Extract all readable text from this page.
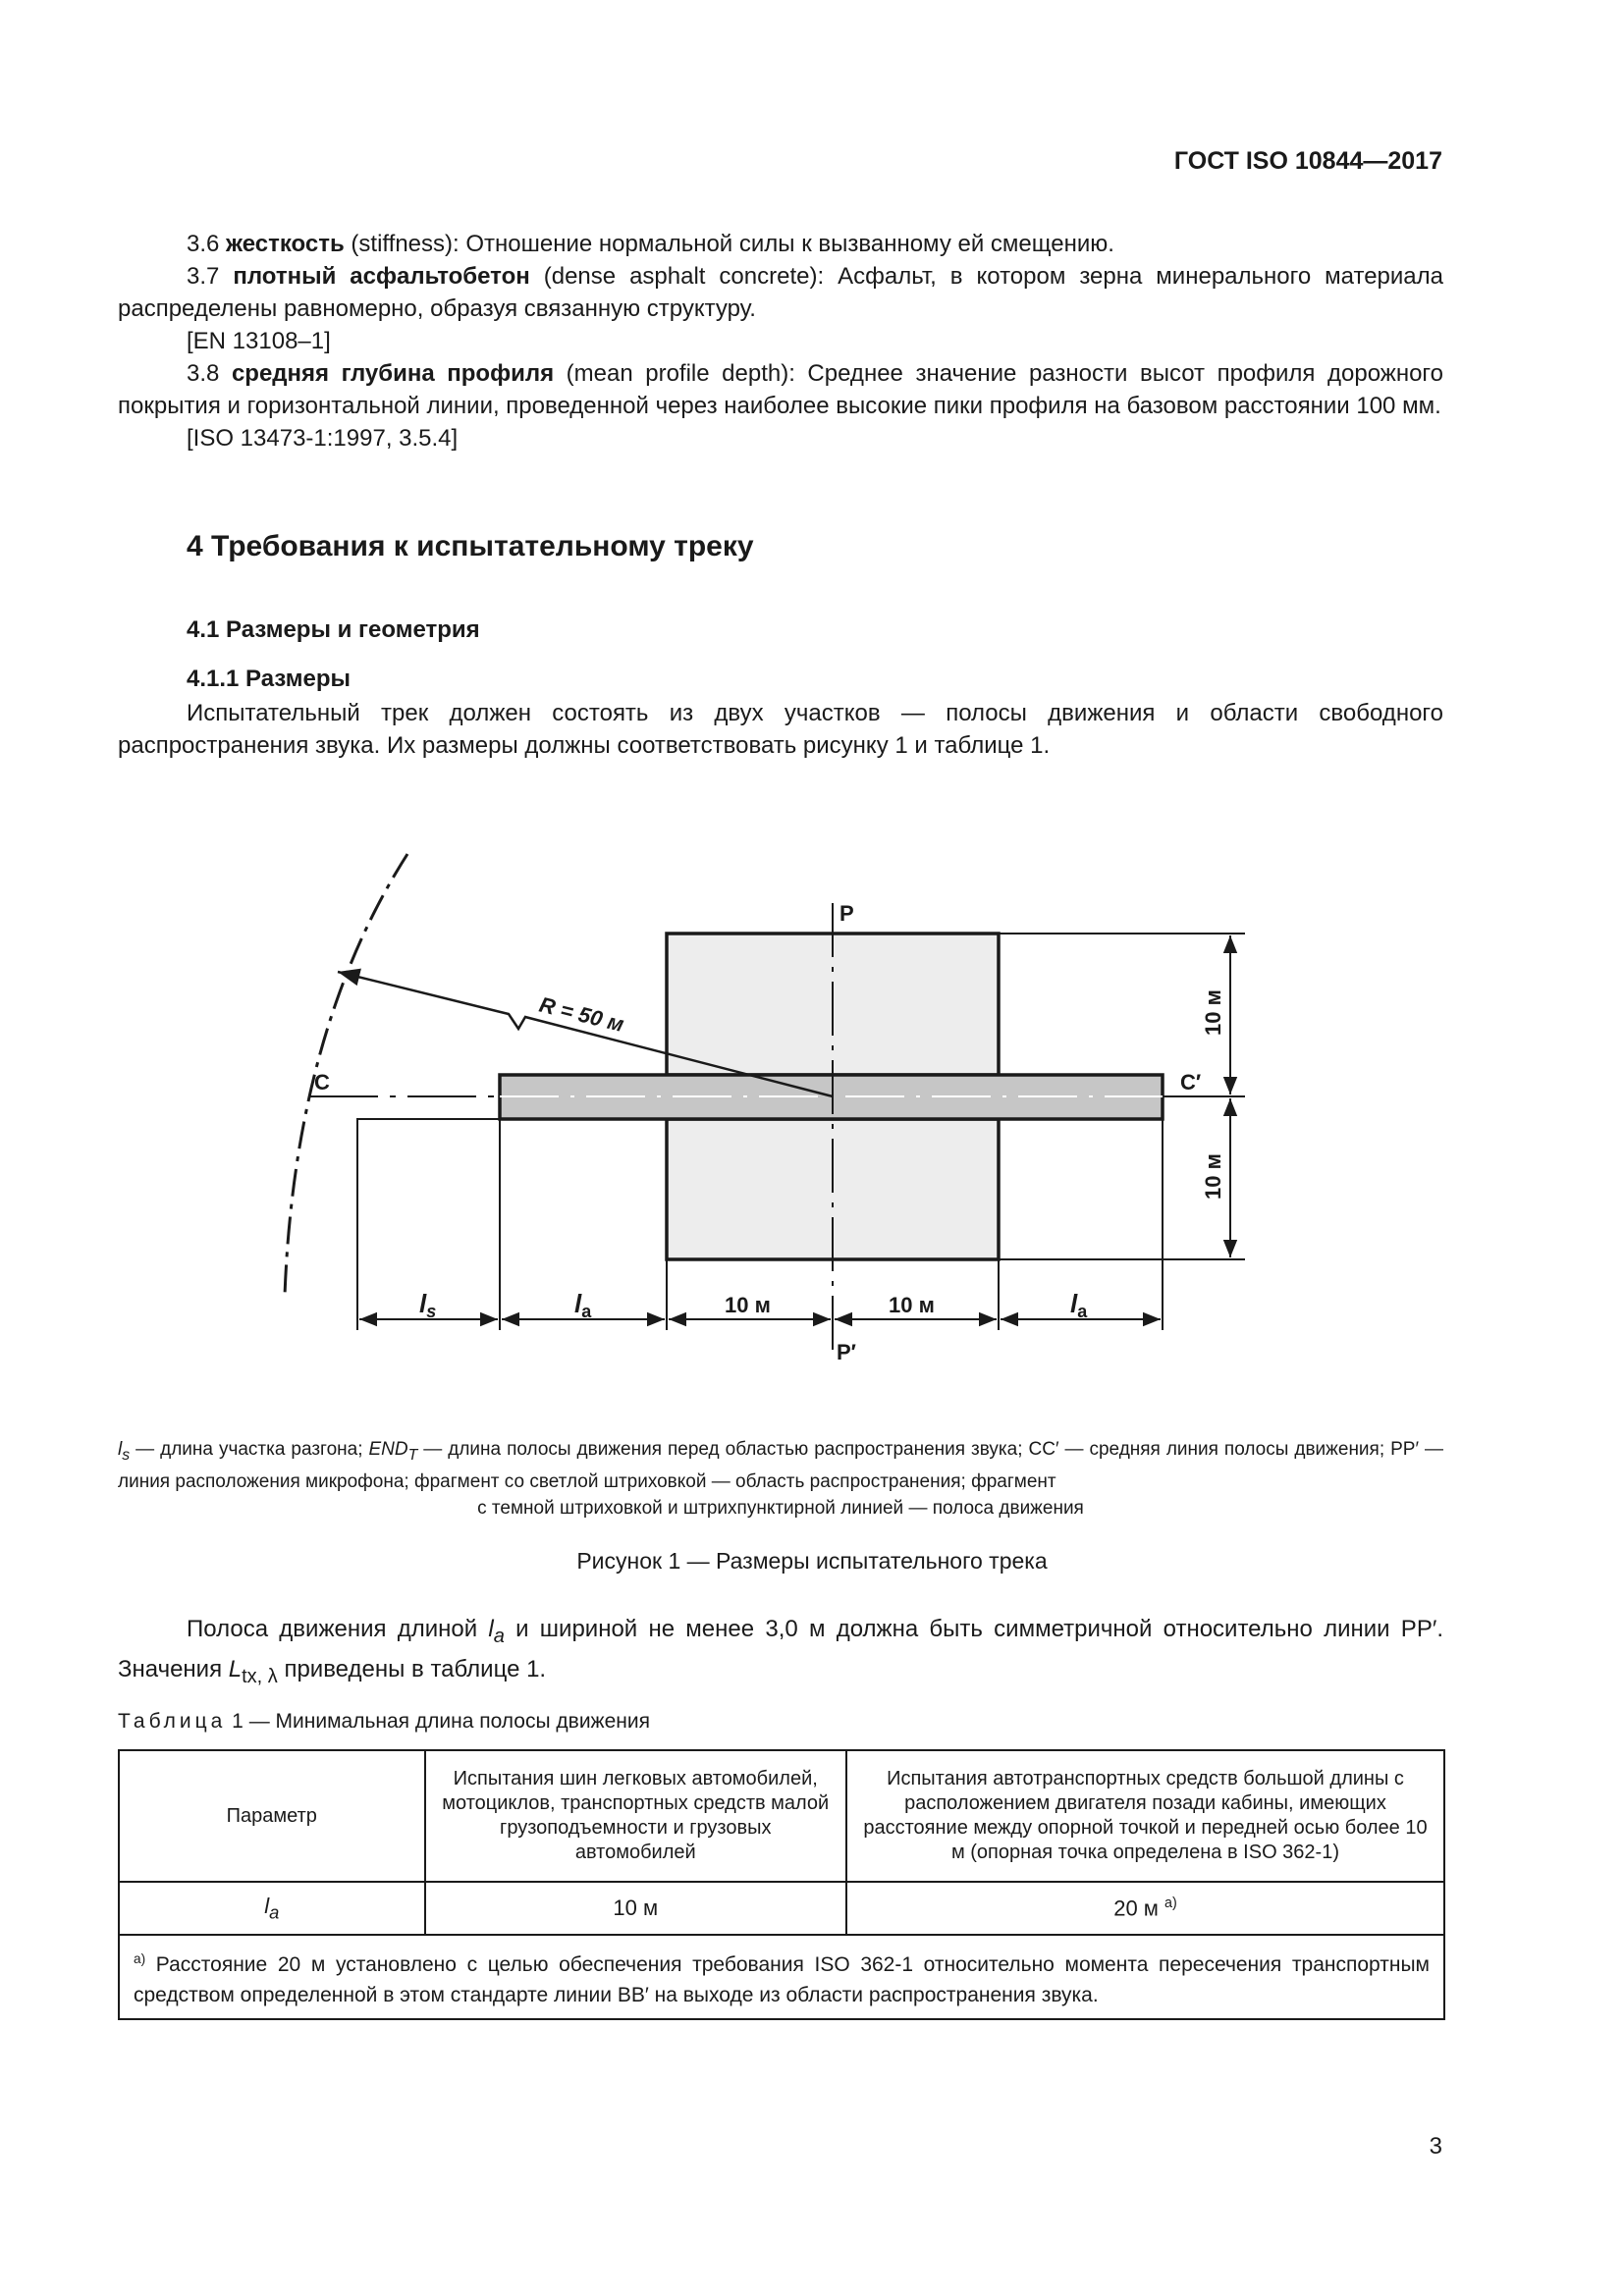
ГОСТ ISO 10844—2017

3.6 жесткость (stiffness): Отношение нормальной силы к вызванному ей смещению.

3.7 плотный асфальтобетон (dense asphalt concrete): Асфальт, в котором зерна минерального материала распределены равномерно, образуя связанную структуру.

[EN 13108–1]

3.8 средняя глубина профиля (mean profile depth): Среднее значение разности высот профиля дорожного покрытия и горизонтальной линии, проведенной через наиболее высокие пики профиля на базовом расстоянии 100 мм.

[ISO 13473-1:1997, 3.5.4]

4 Требования к испытательному треку
4.1 Размеры и геометрия
4.1.1 Размеры

Испытательный трек должен состоять из двух участков — полосы движения и области свободного распространения звука. Их размеры должны соответствовать рисунку 1 и таблице 1.

P
P′
C	C′
R = 50 м	10 м
10 м
10 м	10 м
ls	la	la
$l_s$ — длина участка разгона; $END_T$ — длина полосы движения перед областью распространения звука; CC′ — средняя линия полосы движения; PP′ — линия расположения микрофона; фрагмент со светлой штриховкой — область распространения; фрагмент
с темной штриховкой и штрихпунктирной линией — полоса движения
Рисунок 1 — Размеры испытательного трека

Полоса движения длиной $l_a$ и шириной не менее 3,0 м должна быть симметричной относительно линии PP′. Значения $L_{tx, \lambda}$ приведены в таблице 1.

Таблица 1 — Минимальная длина полосы движения
Параметр	Испытания шин легковых автомобилей, мотоциклов, транспортных средств малой грузоподъемности и грузовых автомобилей	Испытания автотранспортных средств большой длины с расположением двигателя позади кабины, имеющих расстояние между опорной точкой и передней осью более 10 м (опорная точка определена в ISO 362-1)
$l_a$	10 м	20 м $^{а)}$
$^{а)}$ Расстояние 20 м установлено с целью обеспечения требования ISO 362-1 относительно момента пересечения транспортным средством определенной в этом стандарте линии BB′ на выходе из области распространения звука.		
3
